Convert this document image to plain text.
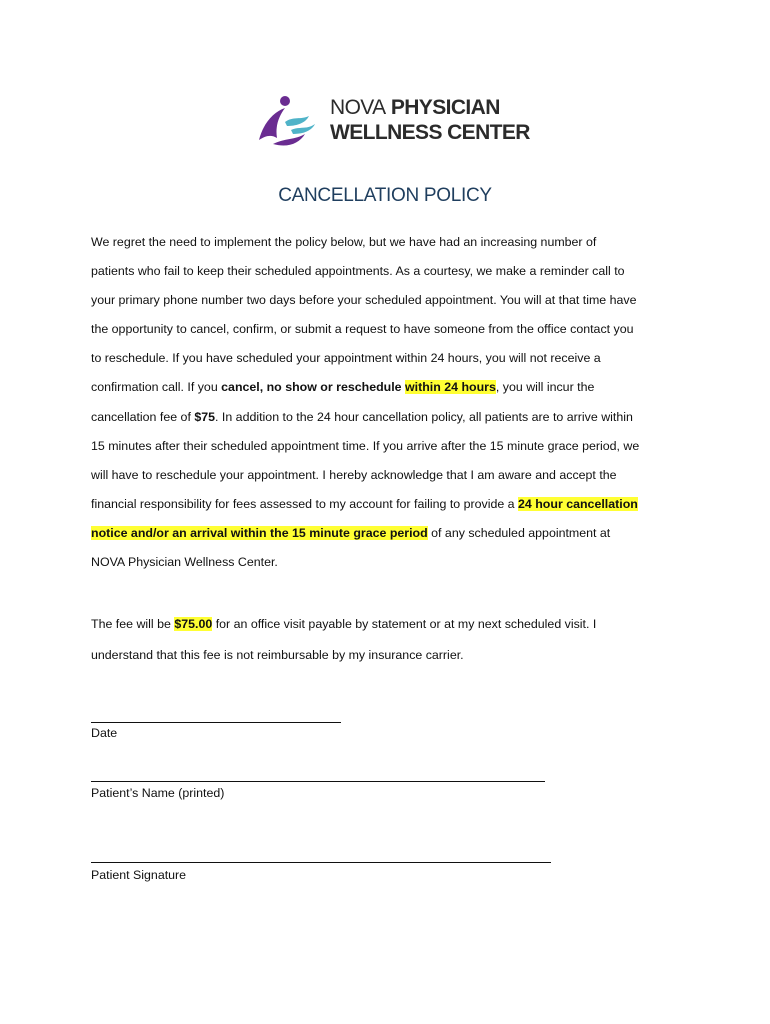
NOVA PHYSICIAN
WELLNESS CENTER
CANCELLATION POLICY
We regret the need to implement the policy below, but we have had an increasing number of
patients who fail to keep their scheduled appointments. As a courtesy, we make a reminder call to
your primary phone number two days before your scheduled appointment. You will at that time have
the opportunity to cancel, confirm, or submit a request to have someone from the office contact you
to reschedule. If you have scheduled your appointment within 24 hours, you will not receive a
confirmation call. If you cancel, no show or reschedule within 24 hours, you will incur the
cancellation fee of $75. In addition to the 24 hour cancellation policy, all patients are to arrive within
15 minutes after their scheduled appointment time. If you arrive after the 15 minute grace period, we
will have to reschedule your appointment. I hereby acknowledge that I am aware and accept the
financial responsibility for fees assessed to my account for failing to provide a 24 hour cancellation
notice and/or an arrival within the 15 minute grace period of any scheduled appointment at
NOVA Physician Wellness Center.
The fee will be $75.00 for an office visit payable by statement or at my next scheduled visit. I
understand that this fee is not reimbursable by my insurance carrier.
Date
Patient’s Name (printed)
Patient Signature
